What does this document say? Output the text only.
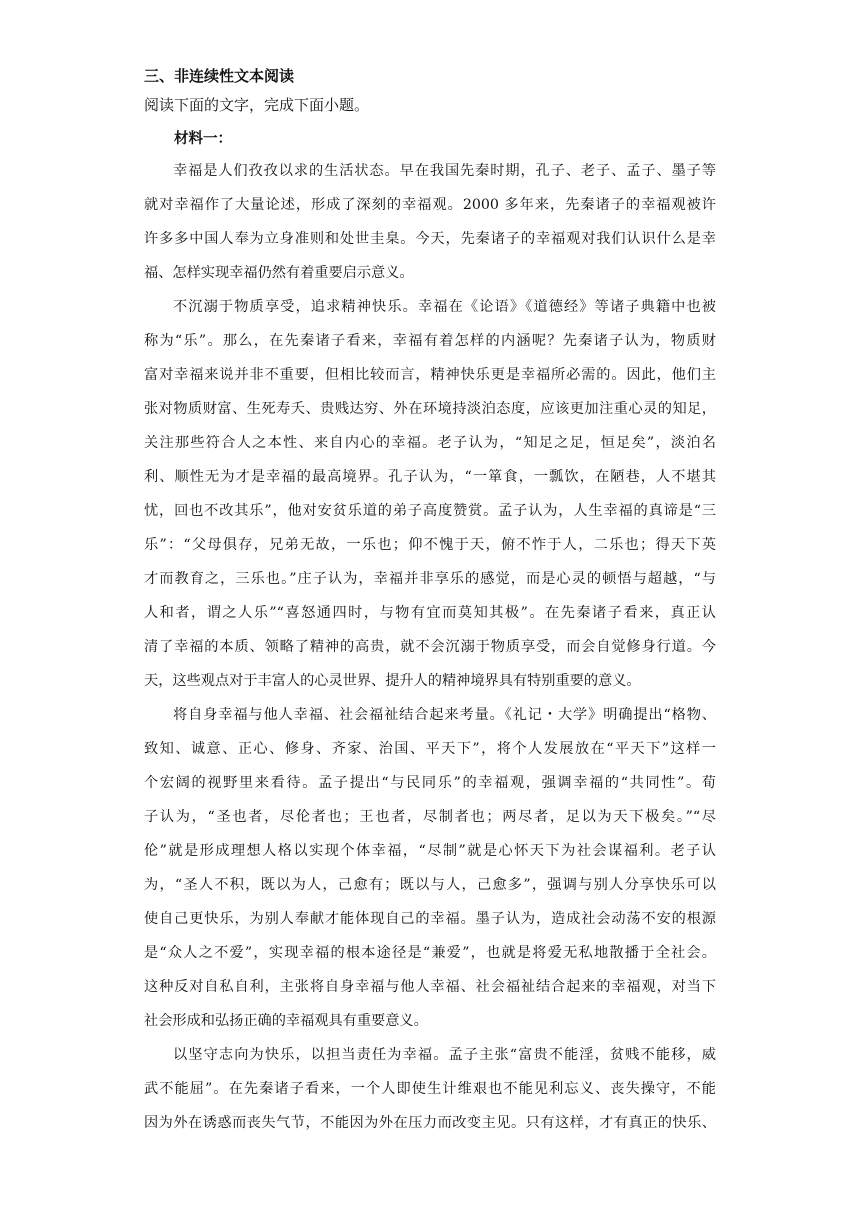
三、非连续性文本阅读
阅读下面的文字，完成下面小题。
材料一：
幸福是人们孜孜以求的生活状态。早在我国先秦时期，孔子、老子、孟子、墨子等
就对幸福作了大量论述，形成了深刻的幸福观。2000 多年来，先秦诸子的幸福观被许
许多多中国人奉为立身准则和处世圭臬。今天，先秦诸子的幸福观对我们认识什么是幸
福、怎样实现幸福仍然有着重要启示意义。
不沉溺于物质享受，追求精神快乐。幸福在《论语》《道德经》等诸子典籍中也被
称为“乐”。那么，在先秦诸子看来，幸福有着怎样的内涵呢？先秦诸子认为，物质财
富对幸福来说并非不重要，但相比较而言，精神快乐更是幸福所必需的。因此，他们主
张对物质财富、生死寿夭、贵贱达穷、外在环境持淡泊态度，应该更加注重心灵的知足，
关注那些符合人之本性、来自内心的幸福。老子认为，“知足之足，恒足矣”，淡泊名
利、顺性无为才是幸福的最高境界。孔子认为，“一箪食，一瓢饮，在陋巷，人不堪其
忧，回也不改其乐”，他对安贫乐道的弟子高度赞赏。孟子认为，人生幸福的真谛是“三
乐”：“父母俱存，兄弟无故，一乐也；仰不愧于天，俯不怍于人，二乐也；得天下英
才而教育之，三乐也。”庄子认为，幸福并非享乐的感觉，而是心灵的顿悟与超越，“与
人和者，谓之人乐”“喜怒通四时，与物有宜而莫知其极”。在先秦诸子看来，真正认
清了幸福的本质、领略了精神的高贵，就不会沉溺于物质享受，而会自觉修身行道。今
天，这些观点对于丰富人的心灵世界、提升人的精神境界具有特别重要的意义。
将自身幸福与他人幸福、社会福祉结合起来考量。《礼记・大学》明确提出“格物、
致知、诚意、正心、修身、齐家、治国、平天下”，将个人发展放在“平天下”这样一
个宏阔的视野里来看待。孟子提出“与民同乐”的幸福观，强调幸福的“共同性”。荀
子认为，“圣也者，尽伦者也；王也者，尽制者也；两尽者，足以为天下极矣。”“尽
伦”就是形成理想人格以实现个体幸福，“尽制”就是心怀天下为社会谋福利。老子认
为，“圣人不积，既以为人，己愈有；既以与人，己愈多”，强调与别人分享快乐可以
使自己更快乐，为别人奉献才能体现自己的幸福。墨子认为，造成社会动荡不安的根源
是“众人之不爱”，实现幸福的根本途径是“兼爱”，也就是将爱无私地散播于全社会。
这种反对自私自利，主张将自身幸福与他人幸福、社会福祉结合起来的幸福观，对当下
社会形成和弘扬正确的幸福观具有重要意义。
以坚守志向为快乐，以担当责任为幸福。孟子主张“富贵不能淫，贫贱不能移，威
武不能屈”。在先秦诸子看来，一个人即使生计维艰也不能见利忘义、丧失操守，不能
因为外在诱惑而丧失气节，不能因为外在压力而改变主见。只有这样，才有真正的快乐、
